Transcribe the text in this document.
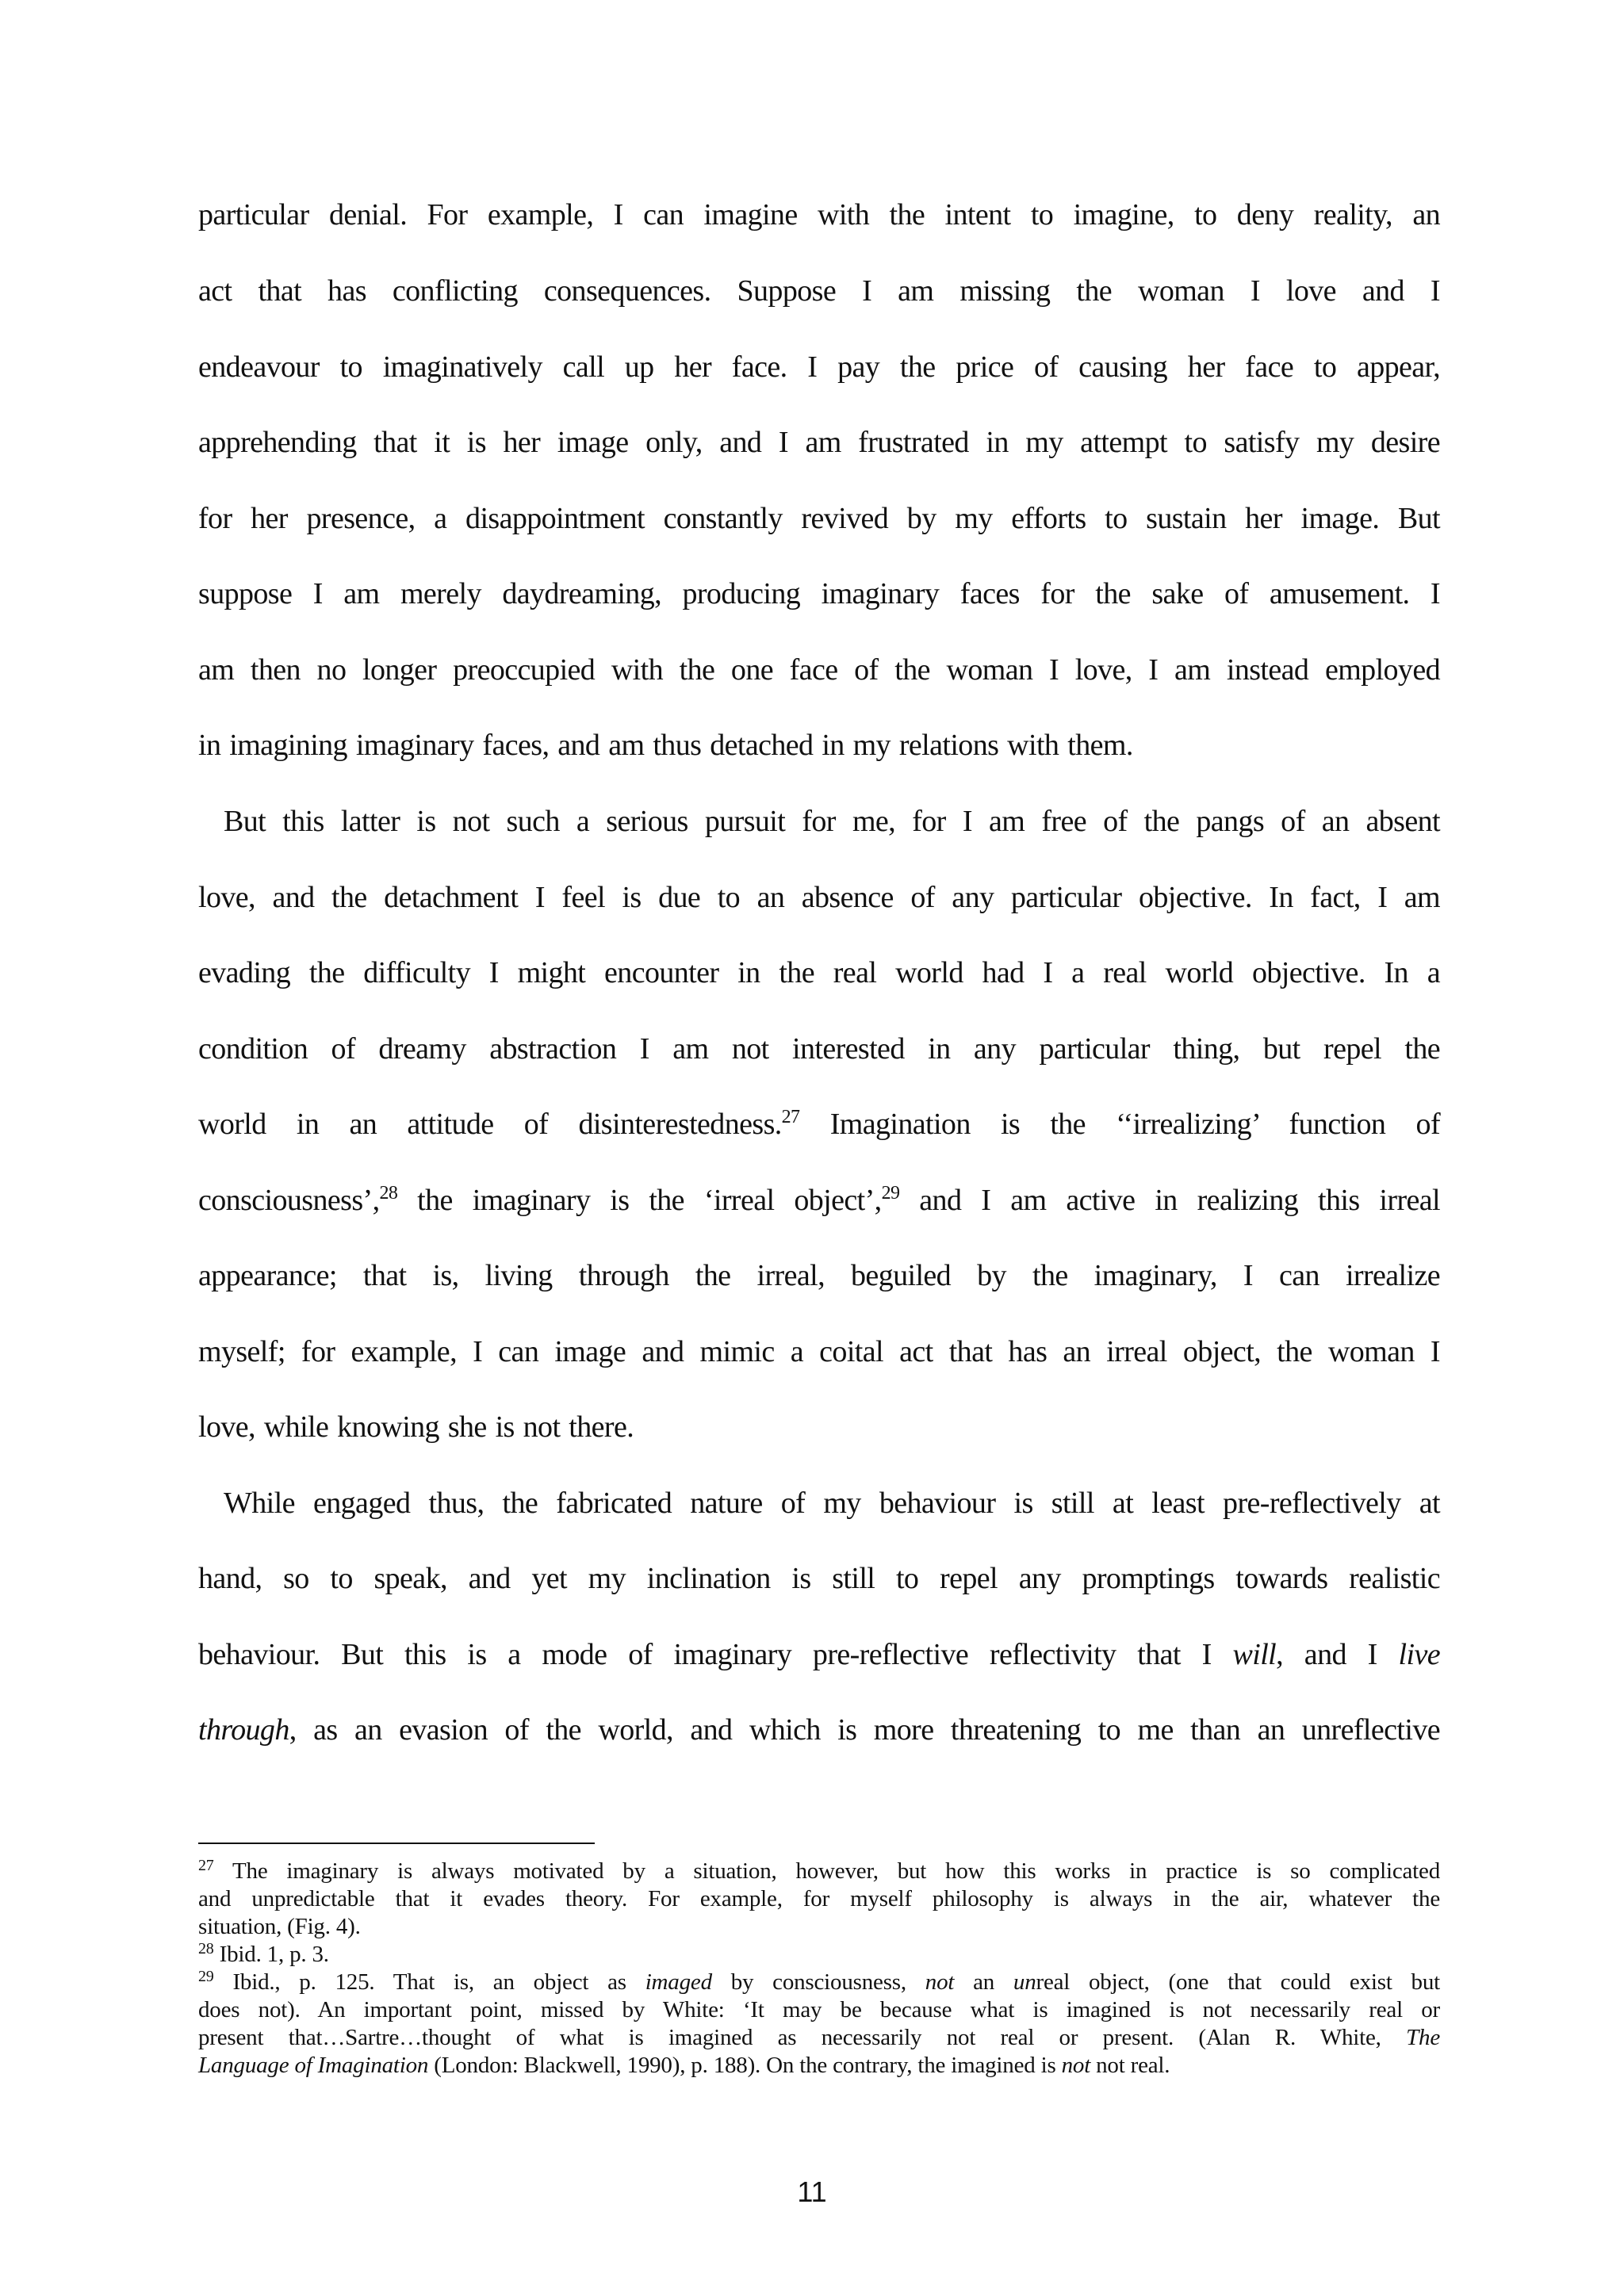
particular denial. For example, I can imagine with the intent to imagine, to deny reality, an
act that has conflicting consequences. Suppose I am missing the woman I love and I
endeavour to imaginatively call up her face. I pay the price of causing her face to appear,
apprehending that it is her image only, and I am frustrated in my attempt to satisfy my desire
for her presence, a disappointment constantly revived by my efforts to sustain her image. But
suppose I am merely daydreaming, producing imaginary faces for the sake of amusement. I
am then no longer preoccupied with the one face of the woman I love, I am instead employed
in imagining imaginary faces, and am thus detached in my relations with them.
But this latter is not such a serious pursuit for me, for I am free of the pangs of an absent
love, and the detachment I feel is due to an absence of any particular objective. In fact, I am
evading the difficulty I might encounter in the real world had I a real world objective. In a
condition of dreamy abstraction I am not interested in any particular thing, but repel the
world in an attitude of disinterestedness.$^{27}$ Imagination is the ‘‘irrealizing’ function of
consciousness’,$^{28}$ the imaginary is the ‘irreal object’,$^{29}$ and I am active in realizing this irreal
appearance; that is, living through the irreal, beguiled by the imaginary, I can irrealize
myself; for example, I can image and mimic a coital act that has an irreal object, the woman I
love, while knowing she is not there.
While engaged thus, the fabricated nature of my behaviour is still at least pre-reflectively at
hand, so to speak, and yet my inclination is still to repel any promptings towards realistic
behaviour. But this is a mode of imaginary pre-reflective reflectivity that I will, and I live
through, as an evasion of the world, and which is more threatening to me than an unreflective
$^{27}$ The imaginary is always motivated by a situation, however, but how this works in practice is so complicated
and unpredictable that it evades theory. For example, for myself philosophy is always in the air, whatever the
situation, (Fig. 4).
$^{28}$ Ibid. 1, p. 3.
$^{29}$ Ibid., p. 125. That is, an object as imaged by consciousness, not an unreal object, (one that could exist but
does not). An important point, missed by White: ‘It may be because what is imagined is not necessarily real or
present that…Sartre…thought of what is imagined as necessarily not real or present. (Alan R. White, The
Language of Imagination (London: Blackwell, 1990), p. 188). On the contrary, the imagined is not not real.
11
